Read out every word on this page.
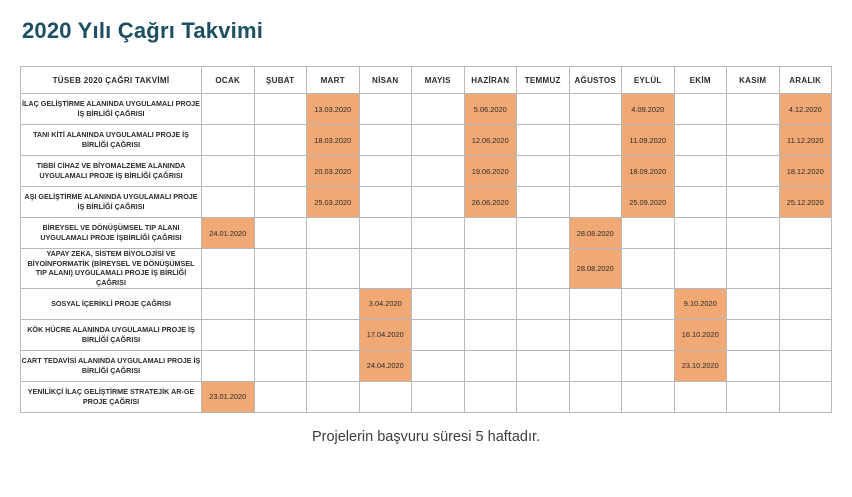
2020 Yılı Çağrı Takvimi
TÜSEB 2020 ÇAĞRI TAKVİMİ	OCAK	ŞUBAT	MART	NİSAN	MAYIS	HAZİRAN	TEMMUZ	AĞUSTOS	EYLÜL	EKİM	KASIM	ARALIK
İLAÇ GELİŞTİRME ALANINDA UYGULAMALI PROJE İŞ BİRLİĞİ ÇAĞRISI			13.03.2020			5.06.2020			4.09.2020			4.12.2020
TANI KİTİ ALANINDA UYGULAMALI PROJE İŞ BİRLİĞİ ÇAĞRISI			18.03.2020			12.06.2020			11.09.2020			11.12.2020
TIBBİ CİHAZ VE BİYOMALZEME ALANINDA UYGULAMALI PROJE İŞ BİRLİĞİ ÇAĞRISI			20.03.2020			19.06.2020			18.09.2020			18.12.2020
AŞI GELİŞTİRME ALANINDA UYGULAMALI PROJE İŞ BİRLİĞİ ÇAĞRISI			25.03.2020			26.06.2020			25.09.2020			25.12.2020
BİREYSEL VE DÖNÜŞÜMSEL TIP ALANI UYGULAMALI PROJE İŞBİRLİĞİ ÇAĞRISI	24.01.2020							28.08.2020				
YAPAY ZEKA, SİSTEM BİYOLOJİSİ VE BİYOİNFORMATİK (BİREYSEL VE DÖNÜŞÜMSEL TIP ALANI) UYGULAMALI PROJE İŞ BİRLİĞİ ÇAĞRISI								28.08.2020				
SOSYAL İÇERİKLİ PROJE ÇAĞRISI				3.04.2020						9.10.2020		
KÖK HÜCRE ALANINDA UYGULAMALI PROJE İŞ BİRLİĞİ ÇAĞRISI				17.04.2020						16.10.2020		
CART TEDAVİSİ ALANINDA UYGULAMALI PROJE İŞ BİRLİĞİ ÇAĞRISI				24.04.2020						23.10.2020		
YENİLİKÇİ İLAÇ GELİŞTİRME STRATEJİK AR-GE PROJE ÇAĞRISI	23.01.2020											
Projelerin başvuru süresi 5 haftadır.
